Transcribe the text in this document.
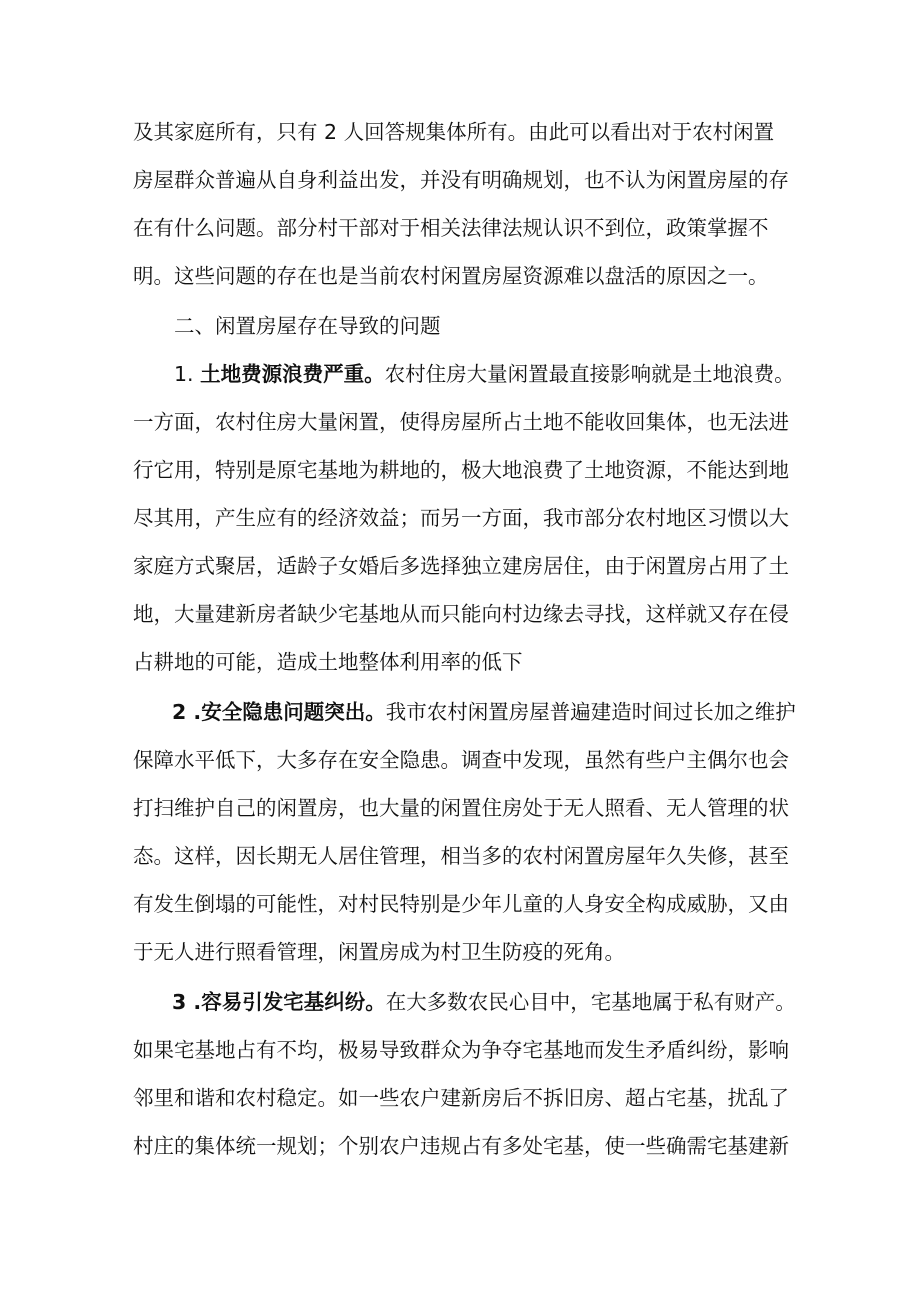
及其家庭所有，只有 2 人回答规集体所有。由此可以看出对于农村闲置
房屋群众普遍从自身利益出发，并没有明确规划，也不认为闲置房屋的存
在有什么问题。部分村干部对于相关法律法规认识不到位，政策掌握不
明。这些问题的存在也是当前农村闲置房屋资源难以盘活的原因之一。
二、闲置房屋存在导致的问题
1. 土地费源浪费严重。农村住房大量闲置最直接影响就是土地浪费。
一方面，农村住房大量闲置，使得房屋所占土地不能收回集体，也无法进
行它用，特别是原宅基地为耕地的，极大地浪费了土地资源，不能达到地
尽其用，产生应有的经济效益；而另一方面，我市部分农村地区习惯以大
家庭方式聚居，适龄子女婚后多选择独立建房居住，由于闲置房占用了土
地，大量建新房者缺少宅基地从而只能向村边缘去寻找，这样就又存在侵
占耕地的可能，造成土地整体利用率的低下
2 .安全隐患问题突出。我市农村闲置房屋普遍建造时间过长加之维护
保障水平低下，大多存在安全隐患。调查中发现，虽然有些户主偶尔也会
打扫维护自己的闲置房，也大量的闲置住房处于无人照看、无人管理的状
态。这样，因长期无人居住管理，相当多的农村闲置房屋年久失修，甚至
有发生倒塌的可能性，对村民特别是少年儿童的人身安全构成威胁，又由
于无人进行照看管理，闲置房成为村卫生防疫的死角。
3 .容易引发宅基纠纷。在大多数农民心目中，宅基地属于私有财产。
如果宅基地占有不均，极易导致群众为争夺宅基地而发生矛盾纠纷，影响
邻里和谐和农村稳定。如一些农户建新房后不拆旧房、超占宅基，扰乱了
村庄的集体统一规划；个别农户违规占有多处宅基，使一些确需宅基建新
